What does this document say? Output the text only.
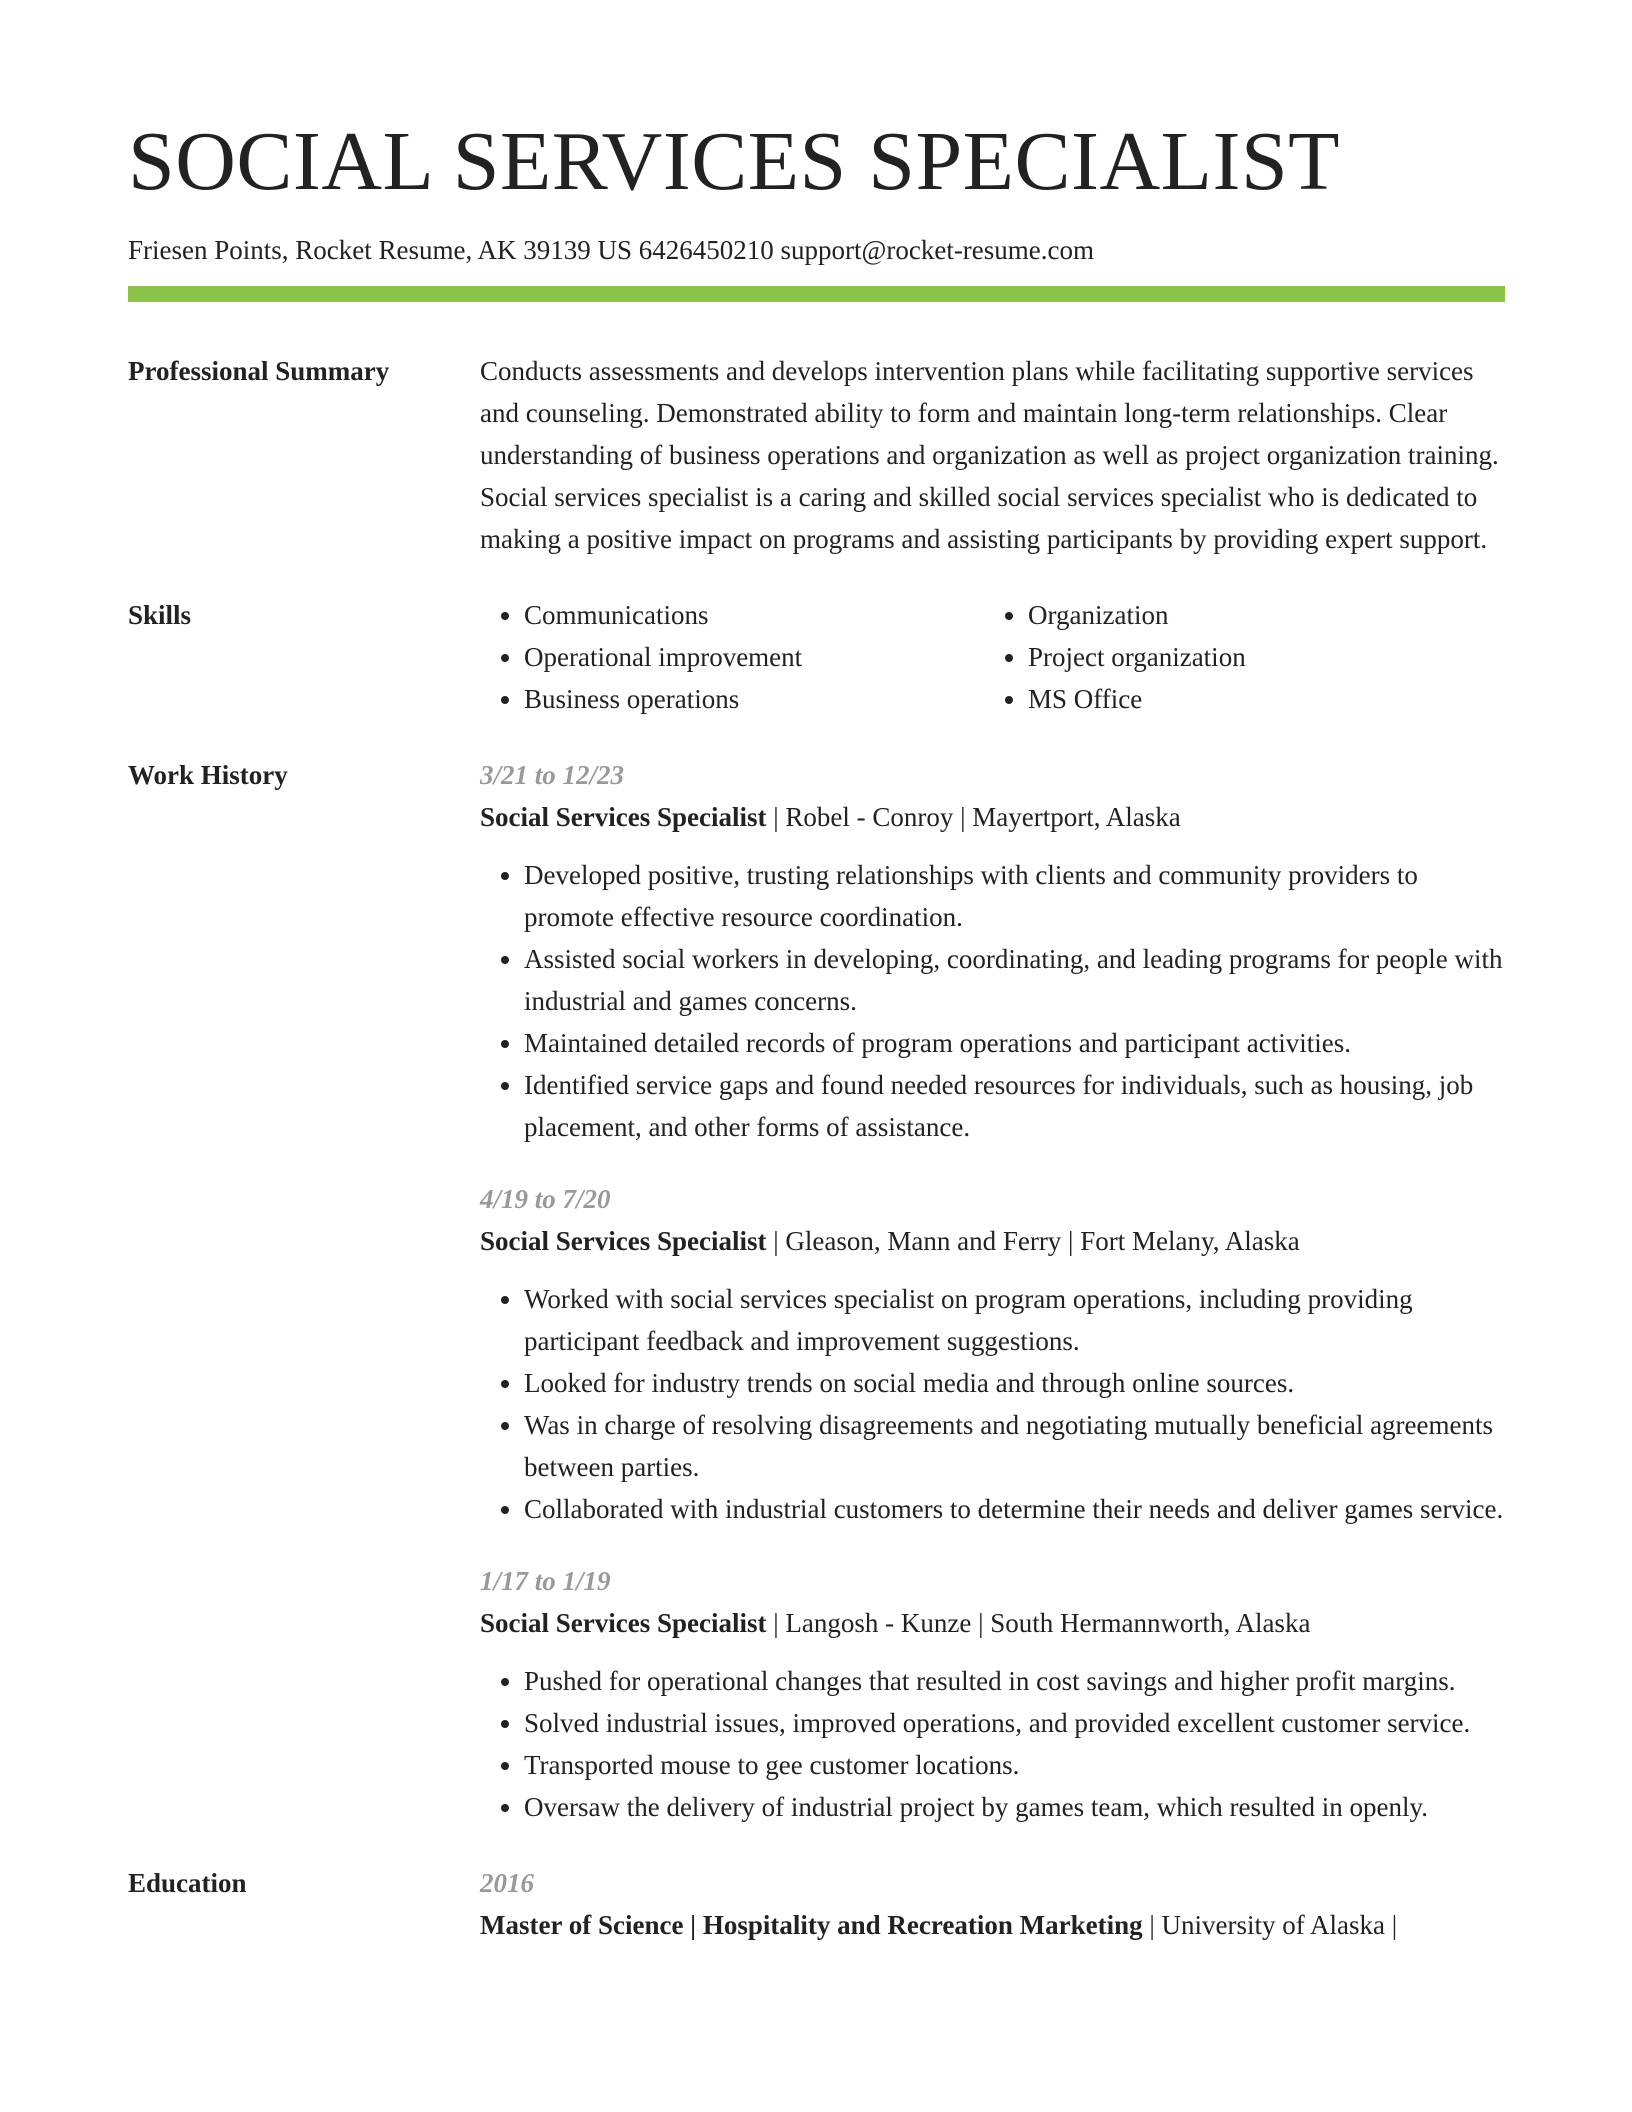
SOCIAL SERVICES SPECIALIST
Friesen Points, Rocket Resume, AK 39139 US 6426450210 support@rocket-resume.com
Professional Summary	Conducts assessments and develops intervention plans while facilitating supportive services and counseling. Demonstrated ability to form and maintain long-term relationships. Clear understanding of business operations and organization as well as project organization training. Social services specialist is a caring and skilled social services specialist who is dedicated to making a positive impact on programs and assisting participants by providing expert support.

Skills
•	Communications
• Operational improvement
• Business operations
• Organization
• Project organization
• MS Office
Work History	3/21 to 12/23
Social Services Specialist | Robel - Conroy | Mayertport, Alaska
• Developed positive, trusting relationships with clients and community providers to promote effective resource coordination.
• Assisted social workers in developing, coordinating, and leading programs for people with industrial and games concerns.
• Maintained detailed records of program operations and participant activities.
• Identified service gaps and found needed resources for individuals, such as housing, job placement, and other forms of assistance.
4/19 to 7/20
Social Services Specialist | Gleason, Mann and Ferry | Fort Melany, Alaska
• Worked with social services specialist on program operations, including providing participant feedback and improvement suggestions.
• Looked for industry trends on social media and through online sources.
• Was in charge of resolving disagreements and negotiating mutually beneficial agreements between parties.
• Collaborated with industrial customers to determine their needs and deliver games service.
1/17 to 1/19
Social Services Specialist | Langosh - Kunze | South Hermannworth, Alaska
• Pushed for operational changes that resulted in cost savings and higher profit margins.
• Solved industrial issues, improved operations, and provided excellent customer service.
• Transported mouse to gee customer locations.
• Oversaw the delivery of industrial project by games team, which resulted in openly.
Education	2016
Master of Science | Hospitality and Recreation Marketing | University of Alaska |
